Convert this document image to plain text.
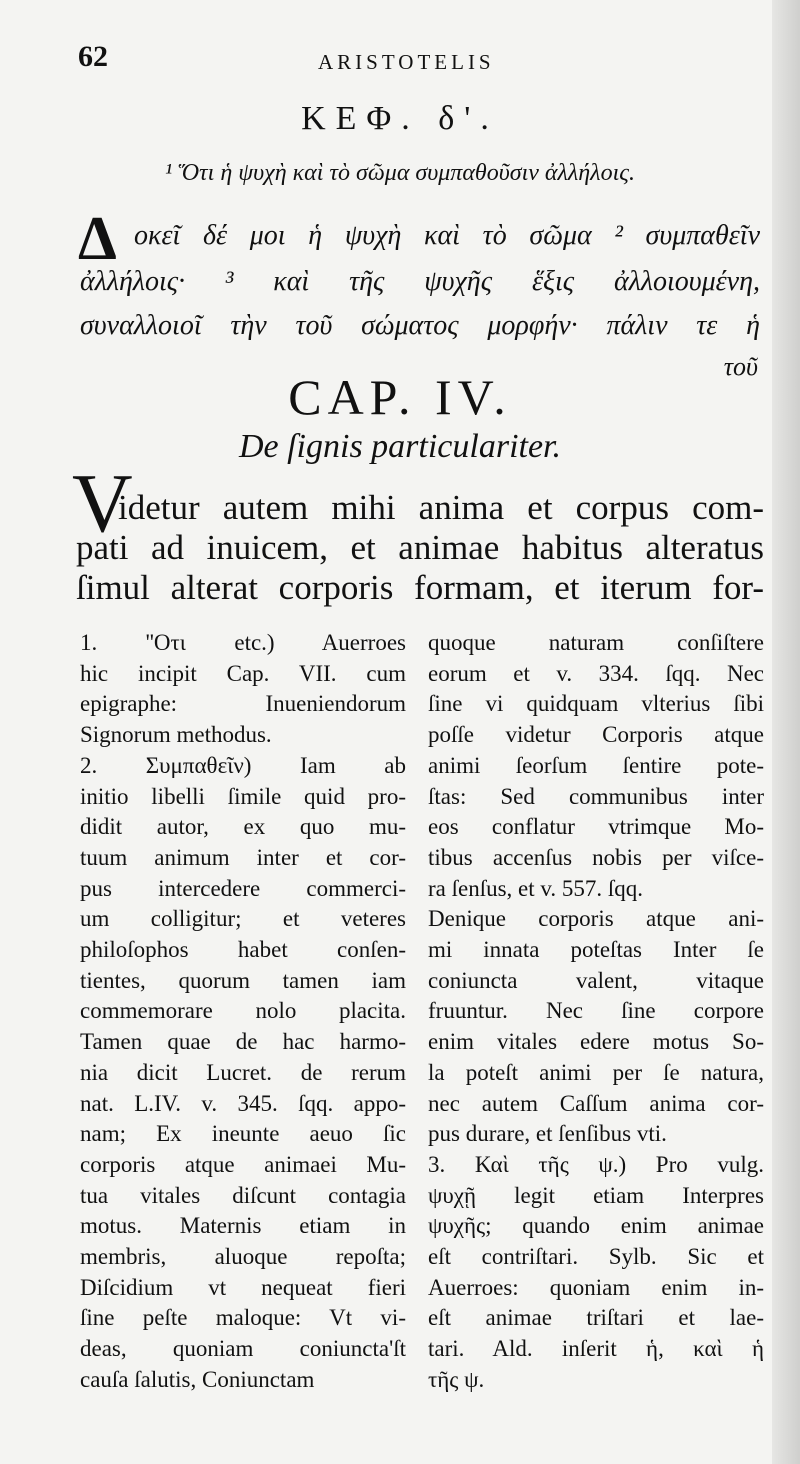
62	ARISTOTELIS
ΚΕΦ. δ'.
¹ Ὅτι ἡ ψυχὴ καὶ τὸ σῶμα συμπαθοῦσιν ἀλλήλοις.
Δ οκεῖ δέ μοι ἡ ψυχὴ καὶ τὸ σῶμα ² συμπαθεῖν
ἀλλήλοις· ³ καὶ τῆς ψυχῆς ἕξις ἀλλοιουμένη,
συναλλοιοῖ τὴν τοῦ σώματος μορφήν· πάλιν τε ἡ
τοῦ
CAP. IV.
De ſignis particulariter.
V
idetur autem mihi anima et corpus com-
pati ad inuicem, et animae habitus alteratus
ſimul alterat corporis formam, et iterum for-
1. ''Oτι etc.) Auerroes
hic incipit Cap. VII. cum
epigraphe: Inueniendorum
Signorum methodus.
2. Συμπαθεῖν) Iam ab
initio libelli ſimile quid pro-
didit autor, ex quo mu-
tuum animum inter et cor-
pus intercedere commerci-
um colligitur; et veteres
philoſophos habet conſen-
tientes, quorum tamen iam
commemorare nolo placita.
Tamen quae de hac harmo-
nia dicit Lucret. de rerum
nat. L.IV. v. 345. ſqq. appo-
nam; Ex ineunte aeuo ſic
corporis atque animaei Mu-
tua vitales diſcunt contagia
motus. Maternis etiam in
membris, aluoque repoſta;
Diſcidium vt nequeat fieri
ſine peſte maloque: Vt vi-
deas, quoniam coniuncta'ſt
cauſa ſalutis, Coniunctam
quoque naturam conſiſtere
eorum et v. 334. ſqq. Nec
ſine vi quidquam vlterius ſibi
poſſe videtur Corporis atque
animi ſeorſum ſentire pote-
ſtas: Sed communibus inter
eos conflatur vtrimque Mo-
tibus accenſus nobis per viſce-
ra ſenſus, et v. 557. ſqq.
Denique corporis atque ani-
mi innata poteſtas Inter ſe
coniuncta valent, vitaque
fruuntur. Nec ſine corpore
enim vitales edere motus So-
la poteſt animi per ſe natura,
nec autem Caſſum anima cor-
pus durare, et ſenſibus vti.
3. Καὶ τῆς ψ.) Pro vulg.
ψυχῇ legit etiam Interpres
ψυχῆς; quando enim animae
eſt contriſtari. Sylb. Sic et
Auerroes: quoniam enim in-
eſt animae triſtari et lae-
tari. Ald. inſerit ἡ, καὶ ἡ
τῆς ψ.
